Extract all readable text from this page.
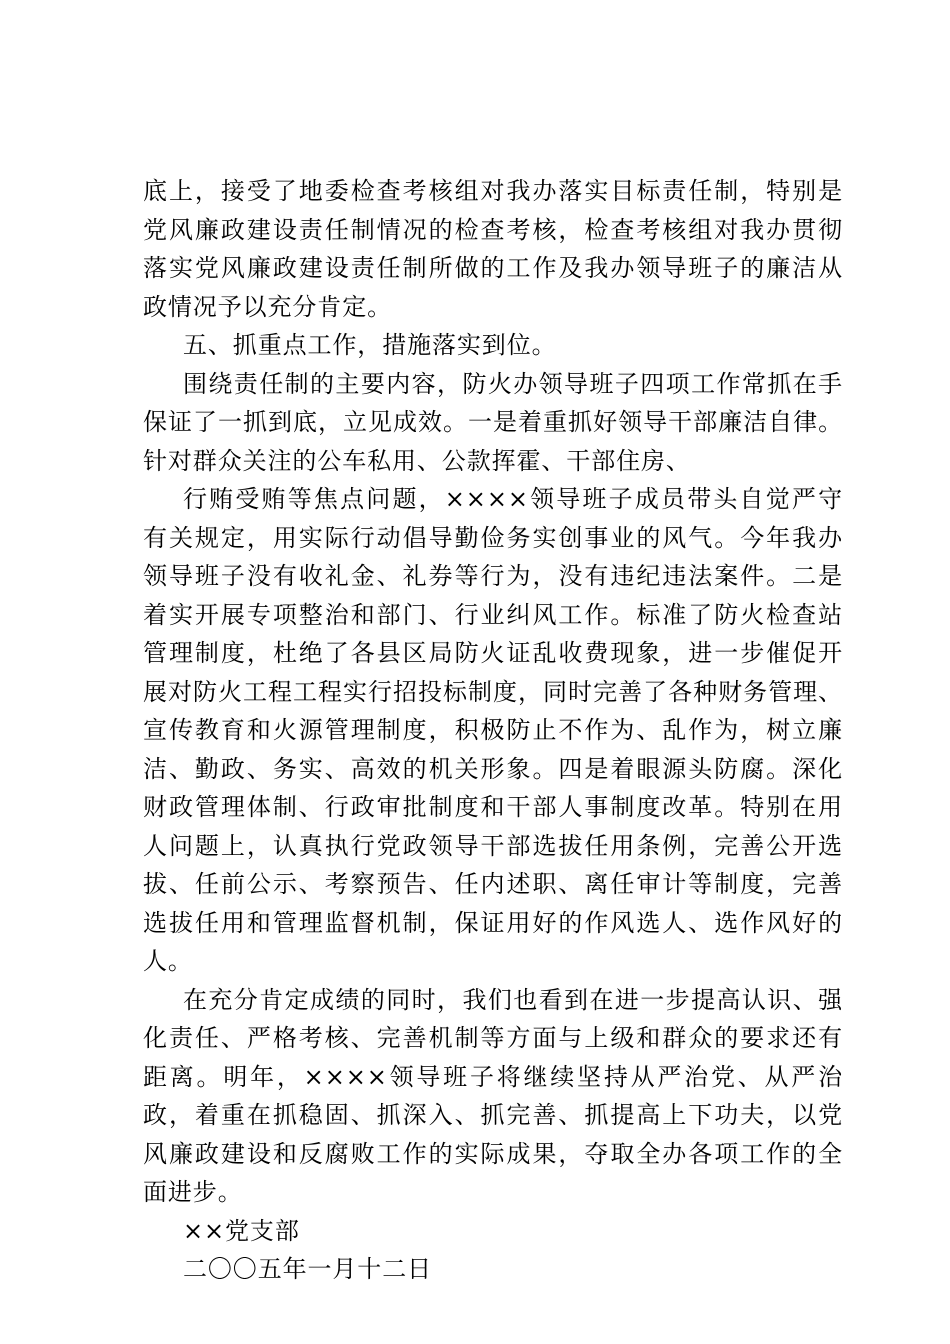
底上，接受了地委检查考核组对我办落实目标责任制，特别是
党风廉政建设责任制情况的检查考核，检查考核组对我办贯彻
落实党风廉政建设责任制所做的工作及我办领导班子的廉洁从
政情况予以充分肯定。
五、抓重点工作，措施落实到位。
围绕责任制的主要内容，防火办领导班子四项工作常抓在手
保证了一抓到底，立见成效。一是着重抓好领导干部廉洁自律。
针对群众关注的公车私用、公款挥霍、干部住房、
行贿受贿等焦点问题，××××领导班子成员带头自觉严守
有关规定，用实际行动倡导勤俭务实创事业的风气。今年我办
领导班子没有收礼金、礼券等行为，没有违纪违法案件。二是
着实开展专项整治和部门、行业纠风工作。标准了防火检查站
管理制度，杜绝了各县区局防火证乱收费现象，进一步催促开
展对防火工程工程实行招投标制度，同时完善了各种财务管理、
宣传教育和火源管理制度，积极防止不作为、乱作为，树立廉
洁、勤政、务实、高效的机关形象。四是着眼源头防腐。深化
财政管理体制、行政审批制度和干部人事制度改革。特别在用
人问题上，认真执行党政领导干部选拔任用条例，完善公开选
拔、任前公示、考察预告、任内述职、离任审计等制度，完善
选拔任用和管理监督机制，保证用好的作风选人、选作风好的
人。
在充分肯定成绩的同时，我们也看到在进一步提高认识、强
化责任、严格考核、完善机制等方面与上级和群众的要求还有
距离。明年，××××领导班子将继续坚持从严治党、从严治
政，着重在抓稳固、抓深入、抓完善、抓提高上下功夫，以党
风廉政建设和反腐败工作的实际成果，夺取全办各项工作的全
面进步。
××党支部
二〇〇五年一月十二日
